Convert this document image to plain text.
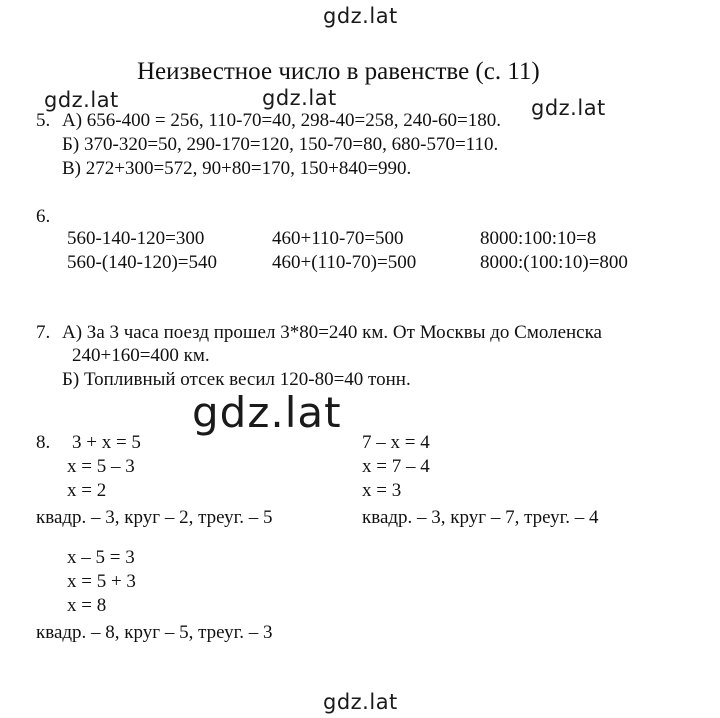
gdz.lat
gdz.lat	gdz.lat	gdz.lat
gdz.lat
gdz.lat
Неизвестное число в равенстве (с. 11)
5. А) 656-400 = 256, 110-70=40, 298-40=258, 240-60=180.
Б) 370-320=50, 290-170=120, 150-70=80, 680-570=110.
В) 272+300=572, 90+80=170, 150+840=990.
6.
560-140-120=300	460+110-70=500	8000:100:10=8
560-(140-120)=540	460+(110-70)=500	8000:(100:10)=800
7. А) За 3 часа поезд прошел 3*80=240 км. От Москвы до Смоленска
240+160=400 км.
Б) Топливный отсек весил 120-80=40 тонн.
8. 3 + x = 5
x = 5 – 3
x = 2
квадр. – 3, круг – 2, треуг. – 5
7 – x = 4
x = 7 – 4
x = 3
квадр. – 3, круг – 7, треуг. – 4
x – 5 = 3
x = 5 + 3
x = 8
квадр. – 8, круг – 5, треуг. – 3
